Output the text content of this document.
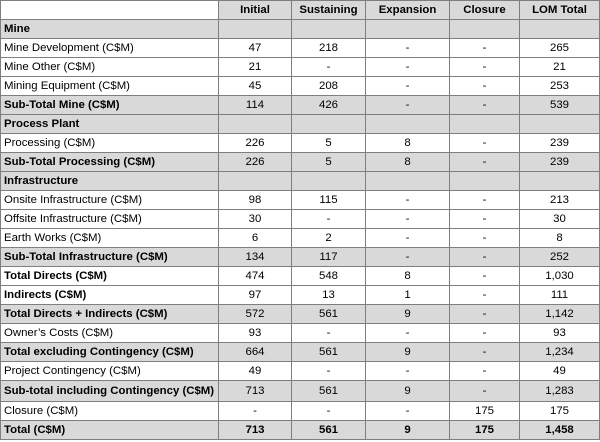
	Initial	Sustaining	Expansion	Closure	LOM Total
Mine					
Mine Development (C$M)	47	218	-	-	265
Mine Other (C$M)	21	-	-	-	21
Mining Equipment (C$M)	45	208	-	-	253
Sub-Total Mine (C$M)	114	426	-	-	539
Process Plant					
Processing (C$M)	226	5	8	-	239
Sub-Total Processing (C$M)	226	5	8	-	239
Infrastructure					
Onsite Infrastructure (C$M)	98	115	-	-	213
Offsite Infrastructure (C$M)	30	-	-	-	30
Earth Works (C$M)	6	2	-	-	8
Sub-Total Infrastructure (C$M)	134	117	-	-	252
Total Directs (C$M)	474	548	8	-	1,030
Indirects (C$M)	97	13	1	-	111
Total Directs + Indirects (C$M)	572	561	9	-	1,142
Owner’s Costs (C$M)	93	-	-	-	93
Total excluding Contingency (C$M)	664	561	9	-	1,234
Project Contingency (C$M)	49	-	-	-	49
Sub-total including Contingency (C$M)	713	561	9	-	1,283
Closure (C$M)	-	-	-	175	175
Total (C$M)	713	561	9	175	1,458
